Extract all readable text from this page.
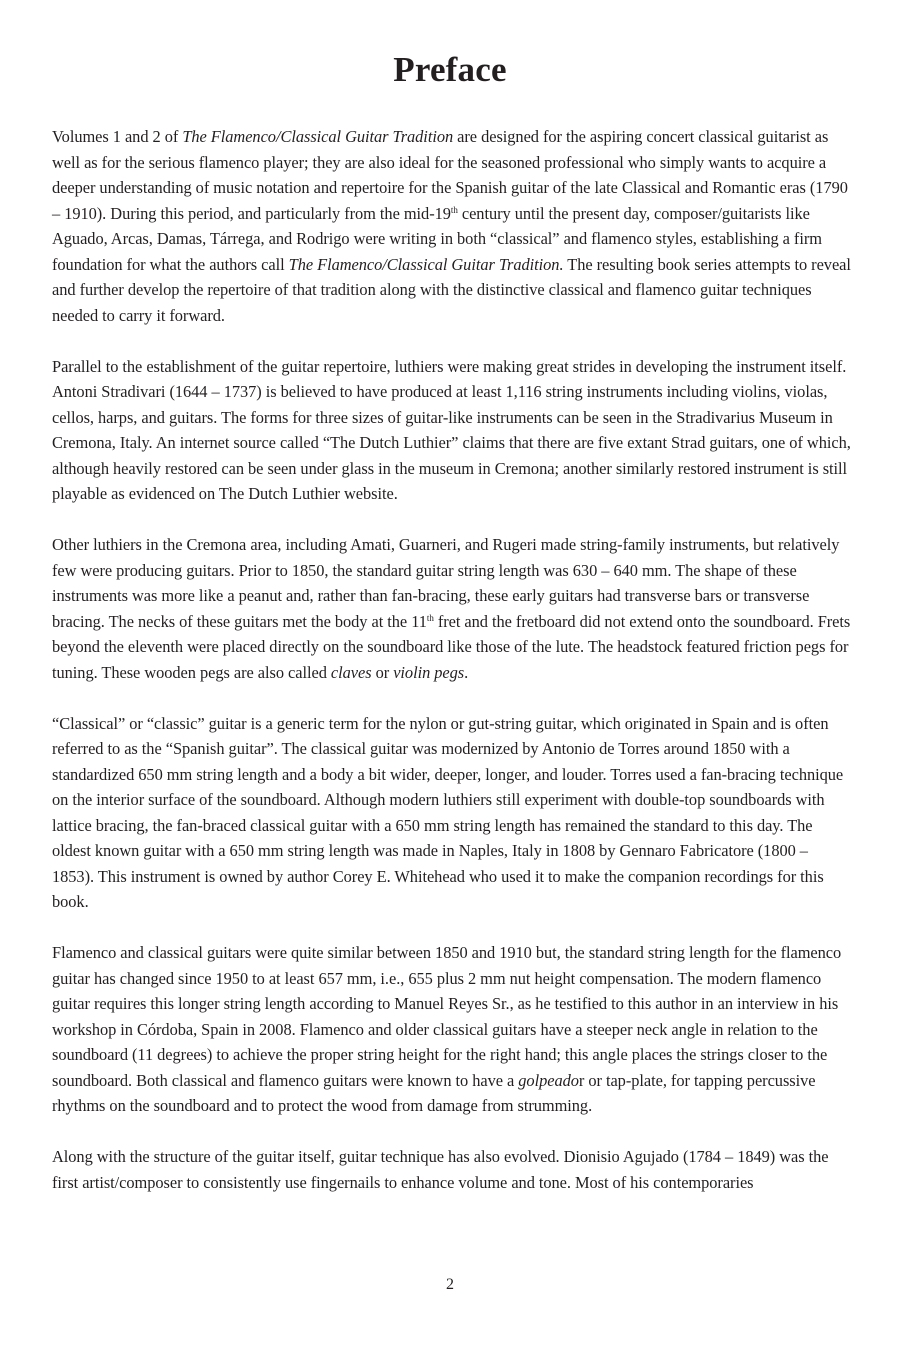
Preface

Volumes 1 and 2 of The Flamenco/Classical Guitar Tradition are designed for the aspiring concert classical guitarist as well as for the serious flamenco player; they are also ideal for the seasoned professional who simply wants to acquire a deeper understanding of music notation and repertoire for the Spanish guitar of the late Classical and Romantic eras (1790 – 1910). During this period, and particularly from the mid-19th century until the present day, composer/guitarists like Aguado, Arcas, Damas, Tárrega, and Rodrigo were writing in both “classical” and flamenco styles, establishing a firm foundation for what the authors call The Flamenco/Classical Guitar Tradition. The resulting book series attempts to reveal and further develop the repertoire of that tradition along with the distinctive classical and flamenco guitar techniques needed to carry it forward.

Parallel to the establishment of the guitar repertoire, luthiers were making great strides in developing the instrument itself. Antoni Stradivari (1644 – 1737) is believed to have produced at least 1,116 string instruments including violins, violas, cellos, harps, and guitars. The forms for three sizes of guitar-like instruments can be seen in the Stradivarius Museum in Cremona, Italy. An internet source called “The Dutch Luthier” claims that there are five extant Strad guitars, one of which, although heavily restored can be seen under glass in the museum in Cremona; another similarly restored instrument is still playable as evidenced on The Dutch Luthier website.

Other luthiers in the Cremona area, including Amati, Guarneri, and Rugeri made string-family instruments, but relatively few were producing guitars. Prior to 1850, the standard guitar string length was 630 – 640 mm. The shape of these instruments was more like a peanut and, rather than fan-bracing, these early guitars had transverse bars or transverse bracing. The necks of these guitars met the body at the 11th fret and the fretboard did not extend onto the soundboard. Frets beyond the eleventh were placed directly on the soundboard like those of the lute. The headstock featured friction pegs for tuning. These wooden pegs are also called claves or violin pegs.

“Classical” or “classic” guitar is a generic term for the nylon or gut-string guitar, which originated in Spain and is often referred to as the “Spanish guitar”. The classical guitar was modernized by Antonio de Torres around 1850 with a standardized 650 mm string length and a body a bit wider, deeper, longer, and louder. Torres used a fan-bracing technique on the interior surface of the soundboard. Although modern luthiers still experiment with double-top soundboards with lattice bracing, the fan-braced classical guitar with a 650 mm string length has remained the standard to this day. The oldest known guitar with a 650 mm string length was made in Naples, Italy in 1808 by Gennaro Fabricatore (1800 – 1853). This instrument is owned by author Corey E. Whitehead who used it to make the companion recordings for this book.

Flamenco and classical guitars were quite similar between 1850 and 1910 but, the standard string length for the flamenco guitar has changed since 1950 to at least 657 mm, i.e., 655 plus 2 mm nut height compensation. The modern flamenco guitar requires this longer string length according to Manuel Reyes Sr., as he testified to this author in an interview in his workshop in Córdoba, Spain in 2008. Flamenco and older classical guitars have a steeper neck angle in relation to the soundboard (11 degrees) to achieve the proper string height for the right hand; this angle places the strings closer to the soundboard. Both classical and flamenco guitars were known to have a golpeador or tap-plate, for tapping percussive rhythms on the soundboard and to protect the wood from damage from strumming.

Along with the structure of the guitar itself, guitar technique has also evolved. Dionisio Agujado (1784 – 1849) was the first artist/composer to consistently use fingernails to enhance volume and tone. Most of his contemporaries

2
